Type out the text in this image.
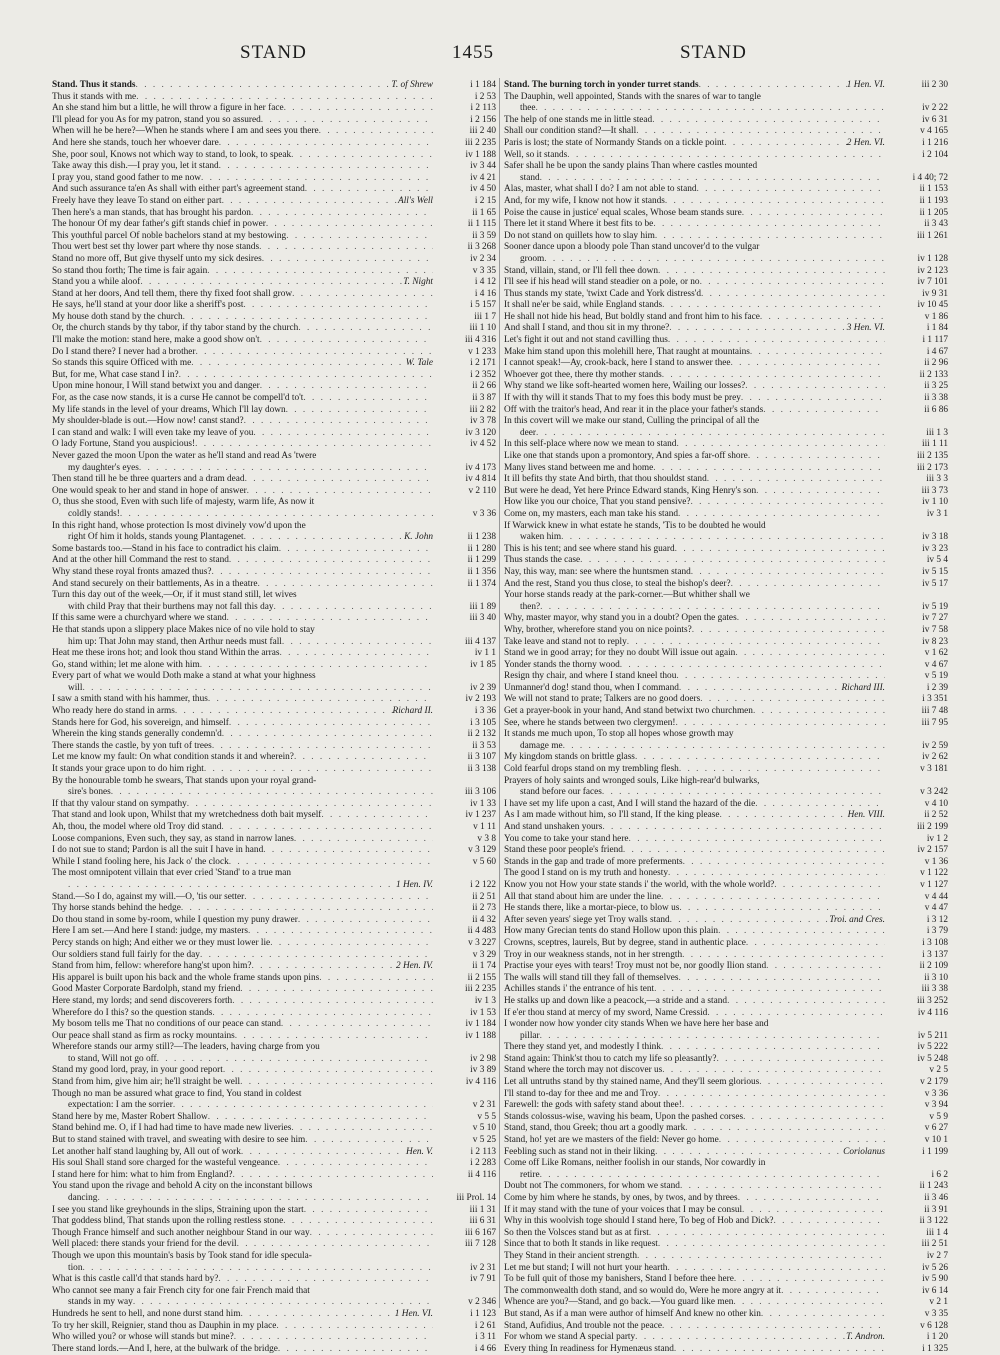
STAND	1455	STAND
Stand. Thus it stands . . .	T. of Shrew	i 1 184
Thus it stands with me . . .	i 2 53
An she stand him but a little, he will throw a figure in her face . . .	i 2 113
I'll plead for you As for my patron, stand you so assured . . .	i 2 156
When will he be here?—When he stands where I am and sees you there . . .	iii 2 40
And here she stands, touch her whoever dare . . .	iii 2 235
She, poor soul, Knows not which way to stand, to look, to speak . . .	iv 1 188
Take away this dish.—I pray you, let it stand . . .	iv 3 44
I pray you, stand good father to me now . . .	iv 4 21
And such assurance ta'en As shall with either part's agreement stand . . .	iv 4 50
Freely have they leave To stand on either part . . .	All's Well	i 2 15
Then here's a man stands, that has brought his pardon . . .	ii 1 65
The honour Of my dear father's gift stands chief in power . . .	ii 1 115
This youthful parcel Of noble bachelors stand at my bestowing . . .	ii 3 59
Thou wert best set thy lower part where thy nose stands . . .	ii 3 268
Stand no more off, But give thyself unto my sick desires . . .	iv 2 34
So stand thou forth; The time is fair again . . .	v 3 35
Stand you a while aloof . . .	T. Night	i 4 12
Stand at her doors, And tell them, there thy fixed foot shall grow . . .	i 4 16
He says, he'll stand at your door like a sheriff's post . . .	i 5 157
My house doth stand by the church . . .	iii 1 7
Or, the church stands by thy tabor, if thy tabor stand by the church . . .	iii 1 10
I'll make the motion: stand here, make a good show on't . . .	iii 4 316
Do I stand there? I never had a brother . . .	v 1 233
So stands this squire Officed with me . . .	W. Tale	i 2 171
But, for me, What case stand I in? . . .	i 2 352
Upon mine honour, I Will stand betwixt you and danger . . .	ii 2 66
For, as the case now stands, it is a curse He cannot be compell'd to't . . .	ii 3 87
My life stands in the level of your dreams, Which I'll lay down . . .	iii 2 82
My shoulder-blade is out.—How now! canst stand? . . .	iv 3 78
I can stand and walk: I will even take my leave of you . . .	iv 3 120
O lady Fortune, Stand you auspicious! . . .	iv 4 52
Never gazed the moon Upon the water as he'll stand and read As 'twere
my daughter's eyes . . .	iv 4 173
Then stand till he be three quarters and a dram dead . . .	iv 4 814
One would speak to her and stand in hope of answer . . .	v 2 110
O, thus she stood, Even with such life of majesty, warm life, As now it
coldly stands! . . .	v 3 36
In this right hand, whose protection Is most divinely vow'd upon the
right Of him it holds, stands young Plantagenet . . .	K. John	ii 1 238
Some bastards too.—Stand in his face to contradict his claim . . .	ii 1 280
And at the other hill Command the rest to stand . . .	ii 1 299
Why stand these royal fronts amazed thus? . . .	ii 1 356
And stand securely on their battlements, As in a theatre . . .	ii 1 374
Turn this day out of the week,—Or, if it must stand still, let wives
with child Pray that their burthens may not fall this day . . .	iii 1 89
If this same were a churchyard where we stand . . .	iii 3 40
He that stands upon a slippery place Makes nice of no vile hold to stay
him up: That John may stand, then Arthur needs must fall . . .	iii 4 137
Heat me these irons hot; and look thou stand Within the arras . . .	iv 1 1
Go, stand within; let me alone with him . . .	iv 1 85
Every part of what we would Doth make a stand at what your highness
will . . .	iv 2 39
I saw a smith stand with his hammer, thus . . .	iv 2 193
Who ready here do stand in arms . . .	Richard II.	i 3 36
Stands here for God, his sovereign, and himself . . .	i 3 105
Wherein the king stands generally condemn'd . . .	ii 2 132
There stands the castle, by yon tuft of trees . . .	ii 3 53
Let me know my fault: On what condition stands it and wherein? . . .	ii 3 107
It stands your grace upon to do him right . . .	ii 3 138
By the honourable tomb he swears, That stands upon your royal grand-
sire's bones . . .	iii 3 106
If that thy valour stand on sympathy . . .	iv 1 33
That stand and look upon, Whilst that my wretchedness doth bait myself . . .	iv 1 237
Ah, thou, the model where old Troy did stand . . .	v 1 11
Loose companions, Even such, they say, as stand in narrow lanes . . .	v 3 8
I do not sue to stand; Pardon is all the suit I have in hand . . .	v 3 129
While I stand fooling here, his Jack o' the clock . . .	v 5 60
The most omnipotent villain that ever cried 'Stand' to a true man
. . .
1 Hen. IV.	i 2 122
Stand.—So I do, against my will.—O, 'tis our setter . . .	ii 2 51
Thy horse stands behind the hedge . . .	ii 2 73
Do thou stand in some by-room, while I question my puny drawer . . .	ii 4 32
Here I am set.—And here I stand: judge, my masters . . .	ii 4 483
Percy stands on high; And either we or they must lower lie . . .	v 3 227
Our soldiers stand full fairly for the day . . .	v 3 29
Stand from him, fellow: wherefore hang'st upon him? . . .	2 Hen. IV.	ii 1 74
His apparel is built upon his back and the whole frame stands upon pins . . .	ii 2 155
Good Master Corporate Bardolph, stand my friend . . .	iii 2 235
Here stand, my lords; and send discoverers forth . . .	iv 1 3
Wherefore do I this? so the question stands . . .	iv 1 53
My bosom tells me That no conditions of our peace can stand . . .	iv 1 184
Our peace shall stand as firm as rocky mountains . . .	iv 1 188
Wherefore stands our army still?—The leaders, having charge from you
to stand, Will not go off . . .	iv 2 98
Stand my good lord, pray, in your good report . . .	iv 3 89
Stand from him, give him air; he'll straight be well . . .	iv 4 116
Though no man be assured what grace to find, You stand in coldest
expectation: I am the sorrier . . .	v 2 31
Stand here by me, Master Robert Shallow . . .	v 5 5
Stand behind me. O, if I had had time to have made new liveries . . .	v 5 10
But to stand stained with travel, and sweating with desire to see him . . .	v 5 25
Let another half stand laughing by, All out of work . . .	Hen. V.	i 2 113
His soul Shall stand sore charged for the wasteful vengeance . . .	i 2 283
I stand here for him: what to him from England? . . .	ii 4 116
You stand upon the rivage and behold A city on the inconstant billows
dancing . . .	iii Prol. 14
I see you stand like greyhounds in the slips, Straining upon the start . . .	iii 1 31
That goddess blind, That stands upon the rolling restless stone . . .	iii 6 31
Though France himself and such another neighbour Stand in our way . . .	iii 6 167
Well placed: there stands your friend for the devil . . .	iii 7 128
Though we upon this mountain's basis by Took stand for idle specula-
tion . . .	iv 2 31
What is this castle call'd that stands hard by? . . .	iv 7 91
Who cannot see many a fair French city for one fair French maid that
stands in my way . . .	v 2 346
Hundreds he sent to hell, and none durst stand him . . .	1 Hen. VI.	i 1 123
To try her skill, Reignier, stand thou as Dauphin in my place . . .	i 2 61
Who willed you? or whose will stands but mine? . . .	i 3 11
There stand lords.—And I, here, at the bulwark of the bridge . . .	i 4 66
Stand. The burning torch in yonder turret stands . . .	1 Hen. VI.	iii 2 30
The Dauphin, well appointed, Stands with the snares of war to tangle
thee . . .	iv 2 22
The help of one stands me in little stead . . .	iv 6 31
Shall our condition stand?—It shall . . .	v 4 165
Paris is lost; the state of Normandy Stands on a tickle point . . .	2 Hen. VI.	i 1 216
Well, so it stands . . .	i 2 104
Safer shall he be upon the sandy plains Than where castles mounted
stand . . .	i 4 40; 72
Alas, master, what shall I do? I am not able to stand . . .	ii 1 153
And, for my wife, I know not how it stands . . .	ii 1 193
Poise the cause in justice' equal scales, Whose beam stands sure . . .	ii 1 205
There let it stand Where it best fits to be . . .	ii 3 43
Do not stand on quillets how to slay him . . .	iii 1 261
Sooner dance upon a bloody pole Than stand uncover'd to the vulgar
groom . . .	iv 1 128
Stand, villain, stand, or I'll fell thee down . . .	iv 2 123
I'll see if his head will stand steadier on a pole, or no . . .	iv 7 101
Thus stands my state, 'twixt Cade and York distress'd . . .	iv 9 31
It shall ne'er be said, while England stands . . .	iv 10 45
He shall not hide his head, But boldly stand and front him to his face . . .	v 1 86
And shall I stand, and thou sit in my throne? . . .	3 Hen. VI.	i 1 84
Let's fight it out and not stand cavilling thus . . .	i 1 117
Make him stand upon this molehill here, That raught at mountains . . .	i 4 67
I cannot speak!—Ay, crook-back, here I stand to answer thee . . .	ii 2 96
Whoever got thee, there thy mother stands . . .	ii 2 133
Why stand we like soft-hearted women here, Wailing our losses? . . .	ii 3 25
If with thy will it stands That to my foes this body must be prey . . .	ii 3 38
Off with the traitor's head, And rear it in the place your father's stands . . .	ii 6 86
In this covert will we make our stand, Culling the principal of all the
deer . . .	iii 1 3
In this self-place where now we mean to stand . . .	iii 1 11
Like one that stands upon a promontory, And spies a far-off shore . . .	iii 2 135
Many lives stand between me and home . . .	iii 2 173
It ill befits thy state And birth, that thou shouldst stand . . .	iii 3 3
But were he dead, Yet here Prince Edward stands, King Henry's son . . .	iii 3 73
How like you our choice, That you stand pensive? . . .	iv 1 10
Come on, my masters, each man take his stand . . .	iv 3 1
If Warwick knew in what estate he stands, 'Tis to be doubted he would
waken him . . .	iv 3 18
This is his tent; and see where stand his guard . . .	iv 3 23
Thus stands the case . . .	iv 5 4
Nay, this way, man: see where the huntsmen stand . . .	iv 5 15
And the rest, Stand you thus close, to steal the bishop's deer? . . .	iv 5 17
Your horse stands ready at the park-corner.—But whither shall we
then? . . .	iv 5 19
Why, master mayor, why stand you in a doubt? Open the gates . . .	iv 7 27
Why, brother, wherefore stand you on nice points? . . .	iv 7 58
Take leave and stand not to reply . . .	iv 8 23
Stand we in good array; for they no doubt Will issue out again . . .	v 1 62
Yonder stands the thorny wood . . .	v 4 67
Resign thy chair, and where I stand kneel thou . . .	v 5 19
Unmanner'd dog! stand thou, when I command . . .	Richard III.	i 2 39
We will not stand to prate; Talkers are no good doers . . .	i 3 351
Get a prayer-book in your hand, And stand betwixt two churchmen . . .	iii 7 48
See, where he stands between two clergymen! . . .	iii 7 95
It stands me much upon, To stop all hopes whose growth may
damage me . . .	iv 2 59
My kingdom stands on brittle glass . . .	iv 2 62
Cold fearful drops stand on my trembling flesh . . .	v 3 181
Prayers of holy saints and wronged souls, Like high-rear'd bulwarks,
stand before our faces . . .	v 3 242
I have set my life upon a cast, And I will stand the hazard of the die . . .	v 4 10
As I am made without him, so I'll stand, If the king please . . .	Hen. VIII.	ii 2 52
And stand unshaken yours . . .	iii 2 199
You come to take your stand here . . .	iv 1 2
Stand these poor people's friend . . .	iv 2 157
Stands in the gap and trade of more preferments . . .	v 1 36
The good I stand on is my truth and honesty . . .	v 1 122
Know you not How your state stands i' the world, with the whole world? . . .	v 1 127
All that stand about him are under the line . . .	v 4 44
He stands there, like a mortar-piece, to blow us . . .	v 4 47
After seven years' siege yet Troy walls stand . . .	Troi. and Cres.	i 3 12
How many Grecian tents do stand Hollow upon this plain . . .	i 3 79
Crowns, sceptres, laurels, But by degree, stand in authentic place . . .	i 3 108
Troy in our weakness stands, not in her strength . . .	i 3 137
Practise your eyes with tears! Troy must not be, nor goodly Ilion stand . . .	ii 2 109
The walls will stand till they fall of themselves . . .	ii 3 10
Achilles stands i' the entrance of his tent . . .	iii 3 38
He stalks up and down like a peacock,—a stride and a stand . . .	iii 3 252
If e'er thou stand at mercy of my sword, Name Cressid . . .	iv 4 116
I wonder now how yonder city stands When we have here her base and
pillar . . .	iv 5 211
There they stand yet, and modestly I think . . .	iv 5 222
Stand again: Think'st thou to catch my life so pleasantly? . . .	iv 5 248
Stand where the torch may not discover us . . .	v 2 5
Let all untruths stand by thy stained name, And they'll seem glorious . . .	v 2 179
I'll stand to-day for thee and me and Troy . . .	v 3 36
Farewell: the gods with safety stand about thee! . . .	v 3 94
Stands colossus-wise, waving his beam, Upon the pashed corses . . .	v 5 9
Stand, stand, thou Greek; thou art a goodly mark . . .	v 6 27
Stand, ho! yet are we masters of the field: Never go home . . .	v 10 1
Feebling such as stand not in their liking . . .	Coriolanus	i 1 199
Come off Like Romans, neither foolish in our stands, Nor cowardly in
retire . . .	i 6 2
Doubt not The commoners, for whom we stand . . .	ii 1 243
Come by him where he stands, by ones, by twos, and by threes . . .	ii 3 46
If it may stand with the tune of your voices that I may be consul . . .	ii 3 91
Why in this woolvish toge should I stand here, To beg of Hob and Dick? . . .	ii 3 122
So then the Volsces stand but as at first . . .	iii 1 4
Since that to both It stands in like request . . .	iii 2 51
They Stand in their ancient strength . . .	iv 2 7
Let me but stand; I will not hurt your hearth . . .	iv 5 26
To be full quit of those my banishers, Stand I before thee here . . .	iv 5 90
The commonwealth doth stand, and so would do, Were he more angry at it . . .	iv 6 14
Whence are you?—Stand, and go back.—You guard like men . . .	v 2 1
But stand, As if a man were author of himself And knew no other kin . . .	v 3 35
Stand, Aufidius, And trouble not the peace . . .	v 6 128
For whom we stand A special party . . .	T. Andron.	i 1 20
Every thing In readiness for Hymenæus stand . . .	i 1 325
